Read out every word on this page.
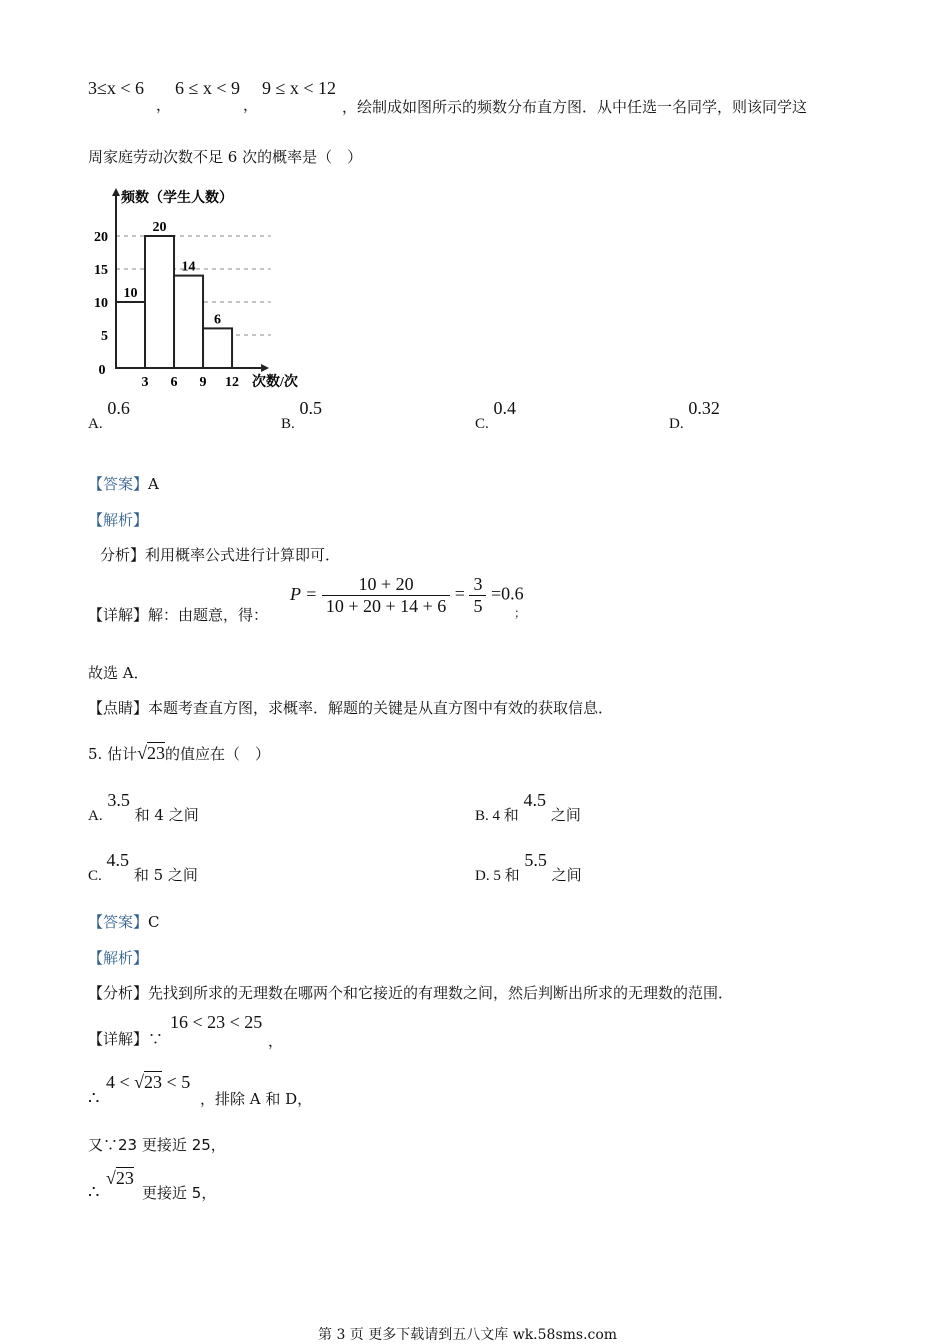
3≤x < 6
，
6 ≤ x < 9
，
9 ≤ x < 12
，绘制成如图所示的频数分布直方图．从中任选一名同学，则该同学这
周家庭劳动次数不足 6 次的概率是（　）
10
20
14
6
0
3 6 9 12
5
10
15
20
频数（学生人数）
次数/次
A. 0.6
B. 0.5
C. 0.4
D. 0.32
【答案】A
【解析】
分析】利用概率公式进行计算即可．
【详解】解：由题意，得：
$P = \frac{10 + 20}{10 + 20 + 14 + 6} = \frac{3}{5} =0.6$
；
故选 A．
【点睛】本题考查直方图，求概率．解题的关键是从直方图中有效的获取信息．
5. 估计√23的值应在（　）
A. 3.5 和 4 之间	B. 4 和 4.5 之间
C. 4.5 和 5 之间	D. 5 和 5.5 之间
【答案】C
【解析】
【分析】先找到所求的无理数在哪两个和它接近的有理数之间，然后判断出所求的无理数的范围．
【详解】∵
16 < 23 < 25
，
∴
4 < √23 < 5
，排除 A 和 D，
又∵23 更接近 25，
∴
√23
更接近 5，
第 3 页 更多下载请到五八文库 wk.58sms.com
